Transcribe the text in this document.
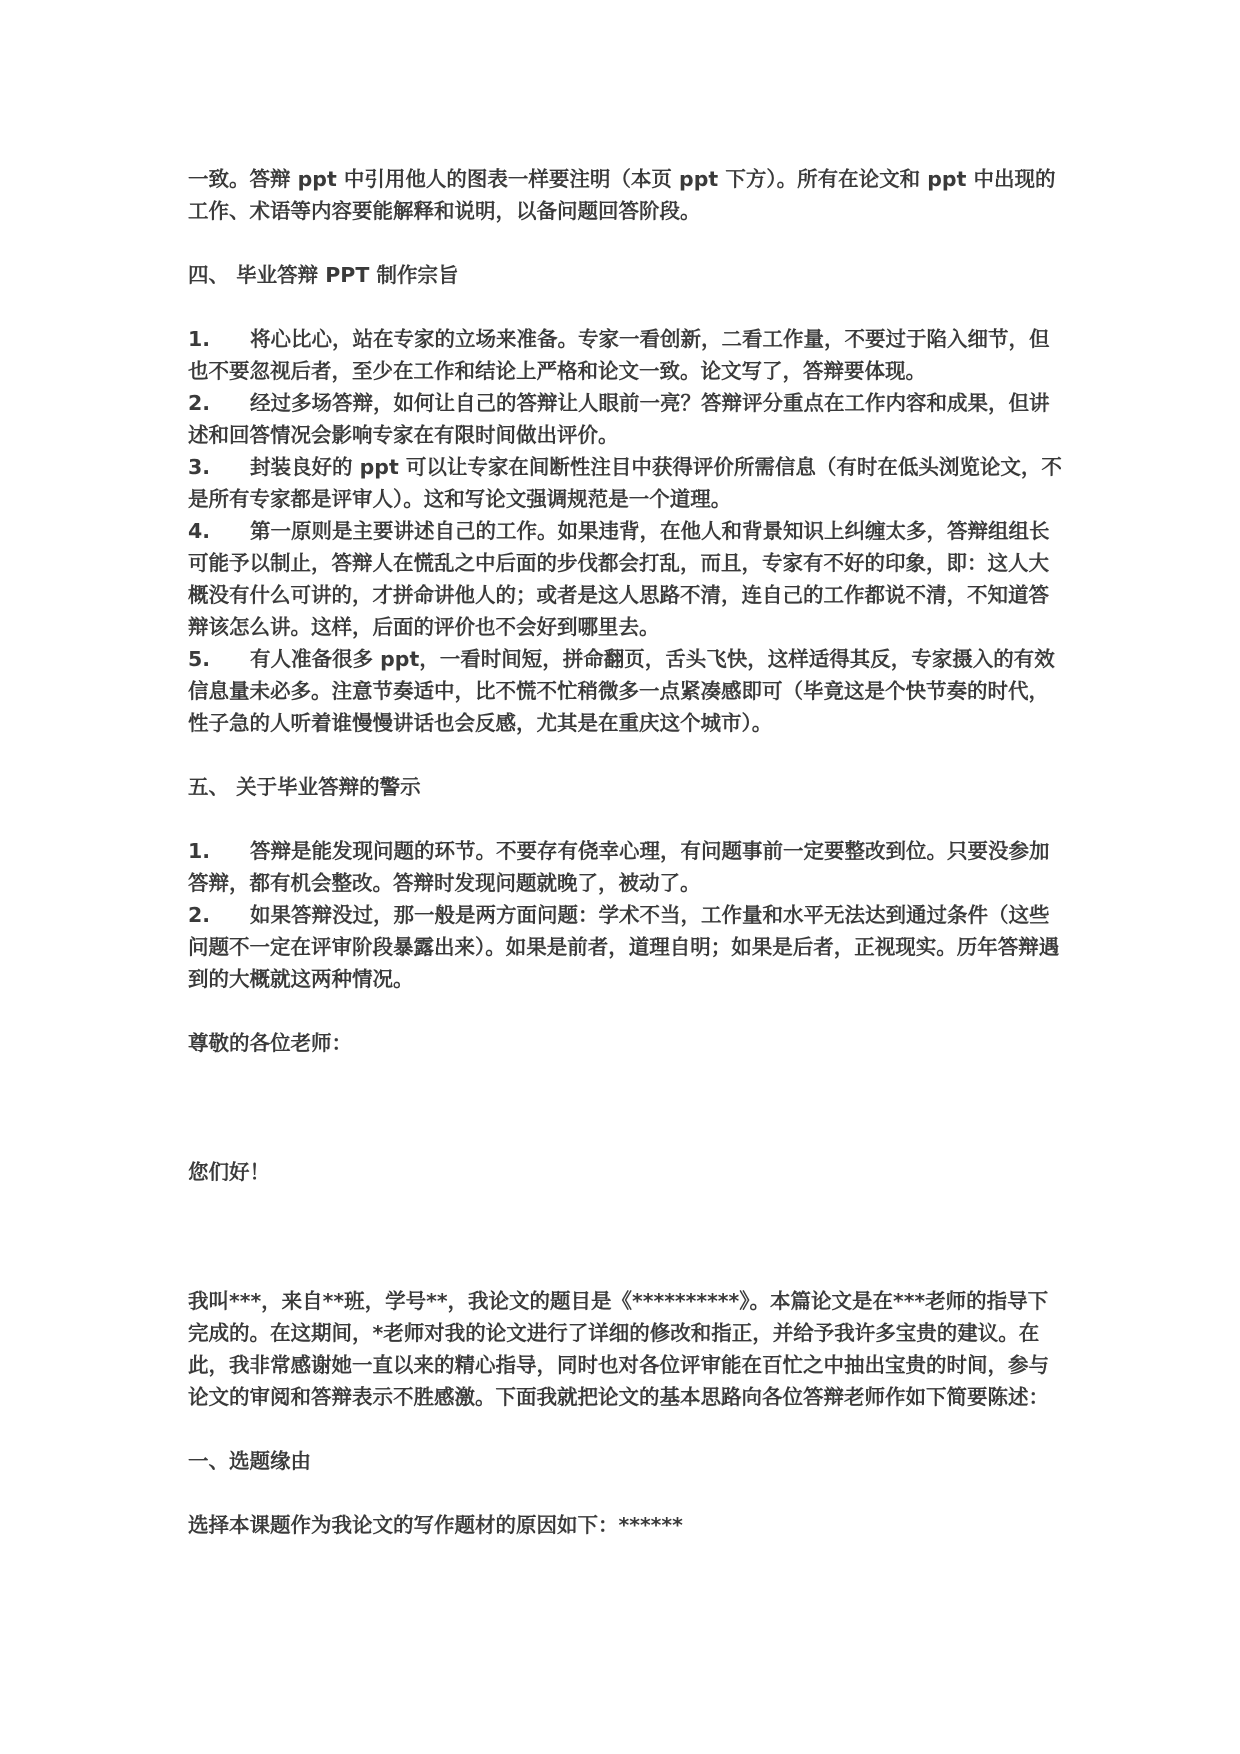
一致。答辩 ppt 中引用他人的图表一样要注明（本页 ppt 下方）。所有在论文和 ppt 中出现的工作、术语等内容要能解释和说明，以备问题回答阶段。

四、 毕业答辩 PPT 制作宗旨

1. 将心比心，站在专家的立场来准备。专家一看创新，二看工作量，不要过于陷入细节，但也不要忽视后者，至少在工作和结论上严格和论文一致。论文写了，答辩要体现。

2. 经过多场答辩，如何让自己的答辩让人眼前一亮？答辩评分重点在工作内容和成果，但讲述和回答情况会影响专家在有限时间做出评价。

3. 封装良好的 ppt 可以让专家在间断性注目中获得评价所需信息（有时在低头浏览论文，不是所有专家都是评审人）。这和写论文强调规范是一个道理。

4. 第一原则是主要讲述自己的工作。如果违背，在他人和背景知识上纠缠太多，答辩组组长可能予以制止，答辩人在慌乱之中后面的步伐都会打乱，而且，专家有不好的印象，即：这人大概没有什么可讲的，才拼命讲他人的；或者是这人思路不清，连自己的工作都说不清，不知道答辩该怎么讲。这样，后面的评价也不会好到哪里去。

5. 有人准备很多 ppt，一看时间短，拼命翻页，舌头飞快，这样适得其反，专家摄入的有效信息量未必多。注意节奏适中，比不慌不忙稍微多一点紧凑感即可（毕竟这是个快节奏的时代，性子急的人听着谁慢慢讲话也会反感，尤其是在重庆这个城市）。

五、 关于毕业答辩的警示

1. 答辩是能发现问题的环节。不要存有侥幸心理，有问题事前一定要整改到位。只要没参加答辩，都有机会整改。答辩时发现问题就晚了，被动了。

2. 如果答辩没过，那一般是两方面问题：学术不当，工作量和水平无法达到通过条件（这些问题不一定在评审阶段暴露出来）。如果是前者，道理自明；如果是后者，正视现实。历年答辩遇到的大概就这两种情况。

尊敬的各位老师：

您们好！

我叫***，来自**班，学号**，我论文的题目是《**********》。本篇论文是在***老师的指导下完成的。在这期间，*老师对我的论文进行了详细的修改和指正，并给予我许多宝贵的建议。在此，我非常感谢她一直以来的精心指导，同时也对各位评审能在百忙之中抽出宝贵的时间，参与论文的审阅和答辩表示不胜感激。下面我就把论文的基本思路向各位答辩老师作如下简要陈述：

一、选题缘由

选择本课题作为我论文的写作题材的原因如下：******
